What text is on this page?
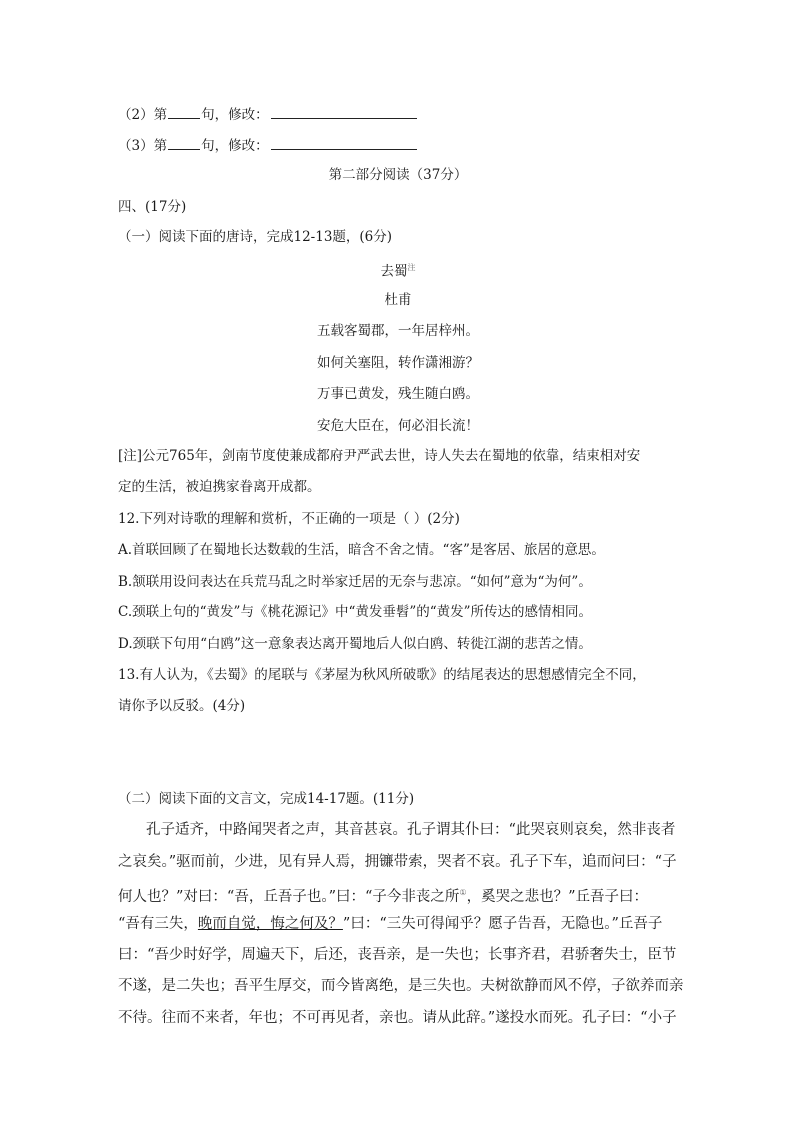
（2）第	句，修改：
（3）第	句，修改：
第二部分阅读（37分）
四、(17分)
（一）阅读下面的唐诗，完成12-13题，(6分)
去蜀$^注$
杜甫
五载客蜀郡，一年居梓州。
如何关塞阻，转作潇湘游？
万事已黄发，残生随白鸥。
安危大臣在，何必泪长流！
[注]公元765年，剑南节度使兼成都府尹严武去世，诗人失去在蜀地的依靠，结束相对安
定的生活，被迫携家眷离开成都。
12.下列对诗歌的理解和赏析，不正确的一项是（ ）(2分)
A.首联回顾了在蜀地长达数载的生活，暗含不舍之情。“客”是客居、旅居的意思。
B.颔联用设问表达在兵荒马乱之时举家迁居的无奈与悲凉。“如何”意为“为何”。
C.颈联上句的“黄发”与《桃花源记》中“黄发垂髫”的“黄发”所传达的感情相同。
D.颈联下句用“白鸥”这一意象表达离开蜀地后人似白鸥、转徙江湖的悲苦之情。
13.有人认为，《去蜀》的尾联与《茅屋为秋风所破歌》的结尾表达的思想感情完全不同，
请你予以反驳。(4分)
（二）阅读下面的文言文，完成14-17题。(11分)
孔子适齐，中路闻哭者之声，其音甚哀。孔子谓其仆曰：“此哭哀则哀矣，然非丧者
之哀矣。”驱而前，少进，见有异人焉，拥镰带索，哭者不哀。孔子下车，追而问曰：“子
何人也？”对曰：“吾，丘吾子也。”曰：“子今非丧之所①，奚哭之悲也？”丘吾子曰：
“吾有三失，晚而自觉，悔之何及？”曰：“三失可得闻乎？愿子告吾，无隐也。”丘吾子
曰：“吾少时好学，周遍天下，后还，丧吾亲，是一失也；长事齐君，君骄奢失士，臣节
不遂，是二失也；吾平生厚交，而今皆离绝，是三失也。夫树欲静而风不停，子欲养而亲
不待。往而不来者，年也；不可再见者，亲也。请从此辞。”遂投水而死。孔子曰：“小子
